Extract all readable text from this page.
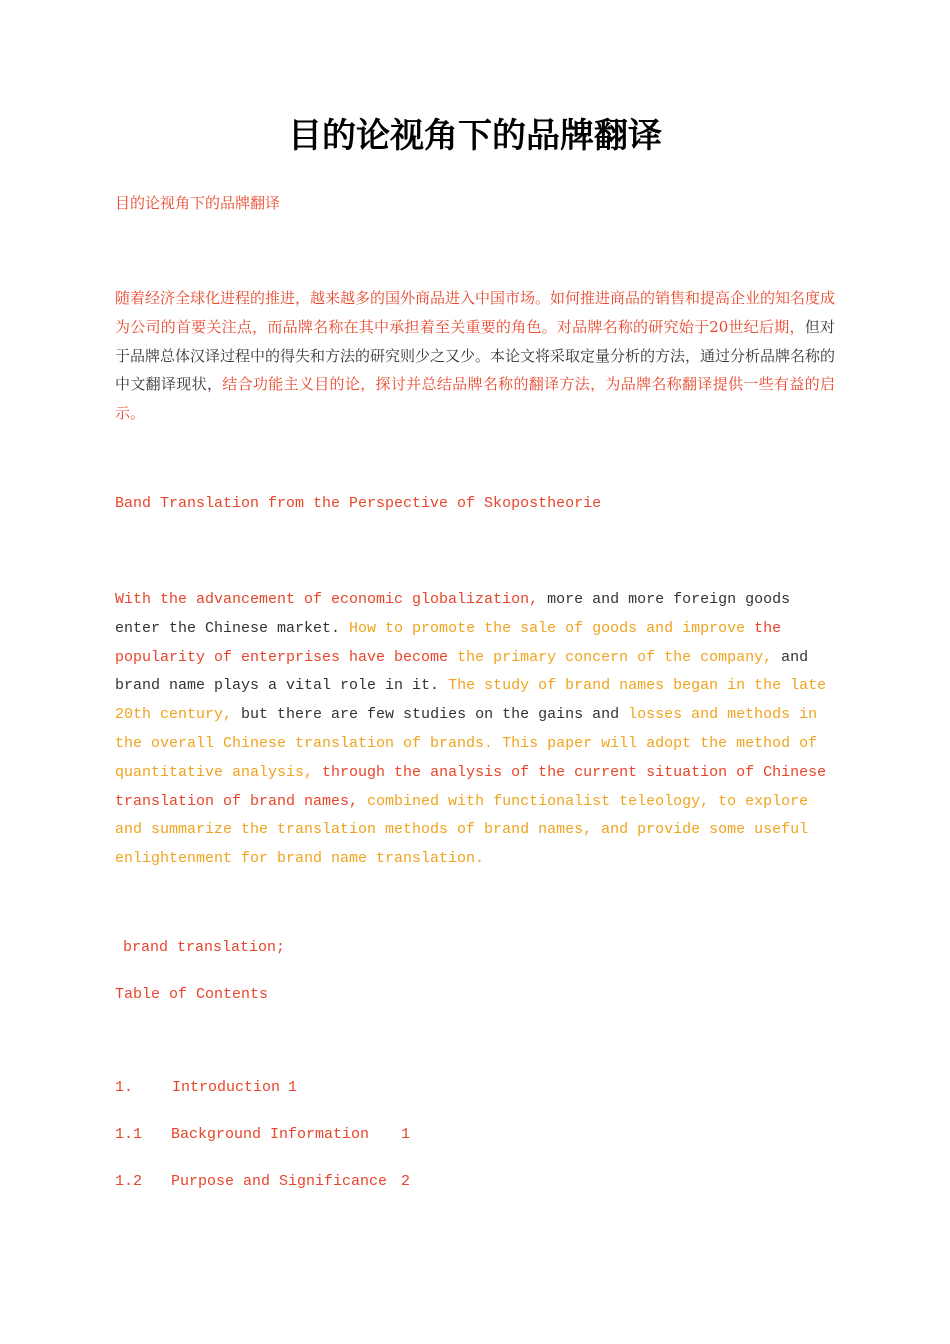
目的论视角下的品牌翻译
目的论视角下的品牌翻译
随着经济全球化进程的推进，越来越多的国外商品进入中国市场。如何推进商品的销售和提高企业的知名度成为公司的首要关注点，而品牌名称在其中承担着至关重要的角色。对品牌名称的研究始于20世纪后期，但对于品牌总体汉译过程中的得失和方法的研究则少之又少。本论文将采取定量分析的方法，通过分析品牌名称的中文翻译现状，结合功能主义目的论，探讨并总结品牌名称的翻译方法，为品牌名称翻译提供一些有益的启示。
Band Translation from the Perspective of Skopostheorie
With the advancement of economic globalization, more and more foreign goods enter the Chinese market. How to promote the sale of goods and improve the popularity of enterprises have become the primary concern of the company, and brand name plays a vital role in it. The study of brand names began in the late 20th century, but there are few studies on the gains and losses and methods in the overall Chinese translation of brands. This paper will adopt the method of quantitative analysis, through the analysis of the current situation of Chinese translation of brand names, combined with functionalist teleology, to explore and summarize the translation methods of brand names, and provide some useful enlightenment for brand name translation.
brand translation;
Table of Contents
1.	Introduction 1
1.1 Background Information 1
1.2 Purpose and Significance 2
